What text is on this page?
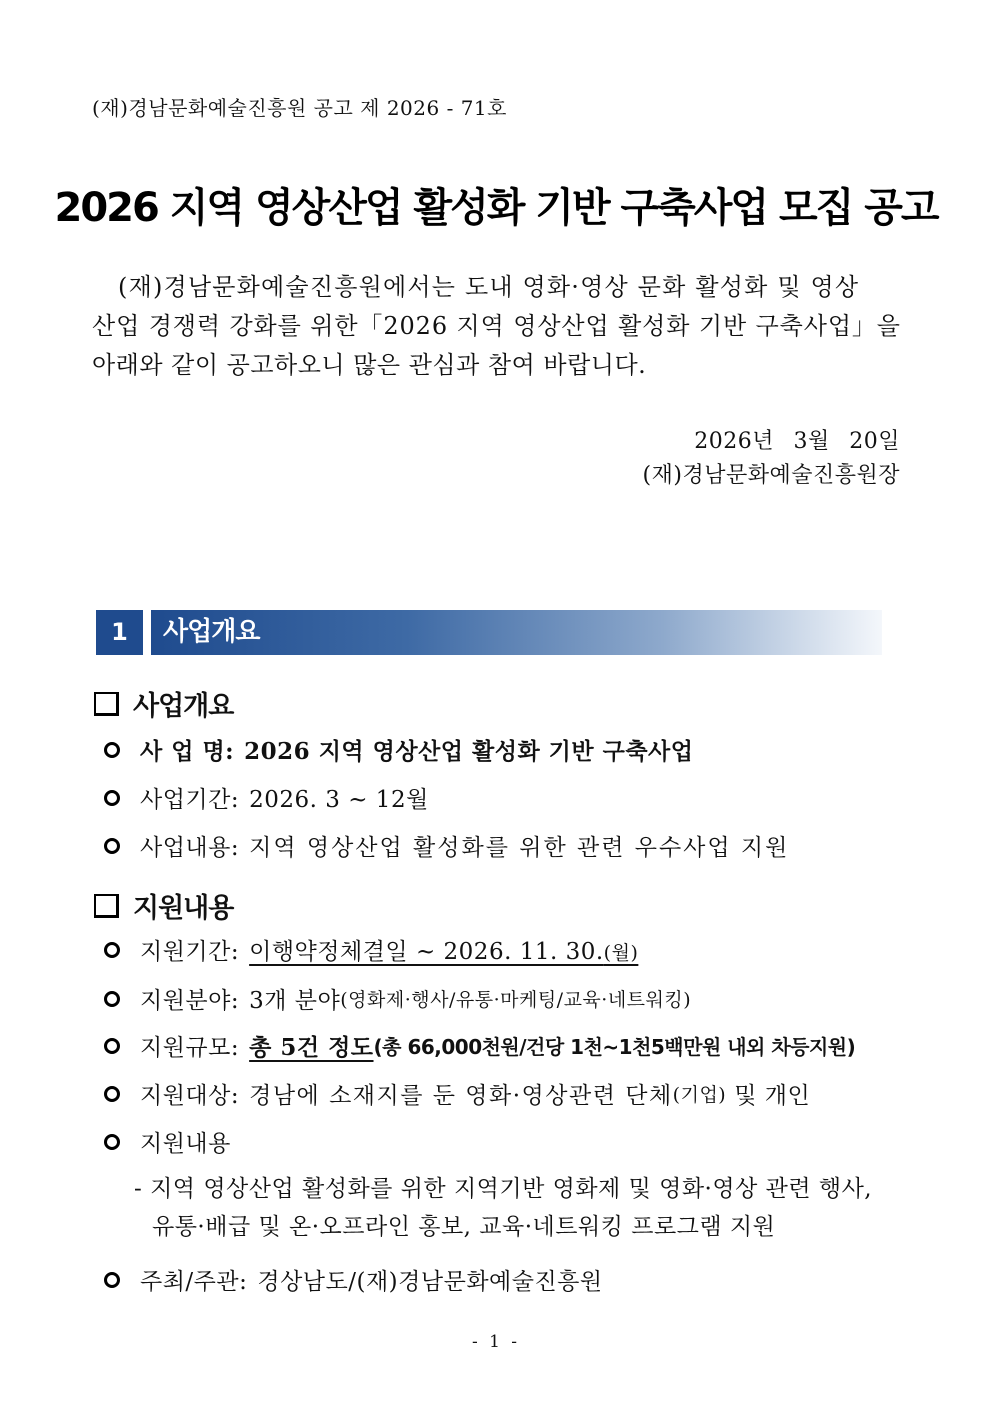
(재)경남문화예술진흥원 공고 제 2026 - 71호
2026 지역 영상산업 활성화 기반 구축사업 모집 공고

(재)경남문화예술진흥원에서는 도내 영화·영상 문화 활성화 및 영상
산업 경쟁력 강화를 위한「2026 지역 영상산업 활성화 기반 구축사업」을
아래와 같이 공고하오니 많은 관심과 참여 바랍니다.

2026년 3월 20일
(재)경남문화예술진흥원장
1	사업개요
사업개요
사 업 명: 2026 지역 영상산업 활성화 기반 구축사업
사업기간: 2026. 3 ~ 12월
사업내용: 지역 영상산업 활성화를 위한 관련 우수사업 지원
지원내용
지원기간: 이행약정체결일 ~ 2026. 11. 30.(월)
지원분야: 3개 분야 (영화제·행사/유통·마케팅/교육·네트워킹)
지원규모: 총 5건 정도 (총 66,000천원/건당 1천~1천5백만원 내외 차등지원)
지원대상: 경남에 소재지를 둔 영화·영상관련 단체 (기업) 및 개인
지원내용
- 지역 영상산업 활성화를 위한 지역기반 영화제 및 영화·영상 관련 행사,
유통·배급 및 온·오프라인 홍보, 교육·네트워킹 프로그램 지원
주최/주관: 경상남도/(재)경남문화예술진흥원
- 1 -
